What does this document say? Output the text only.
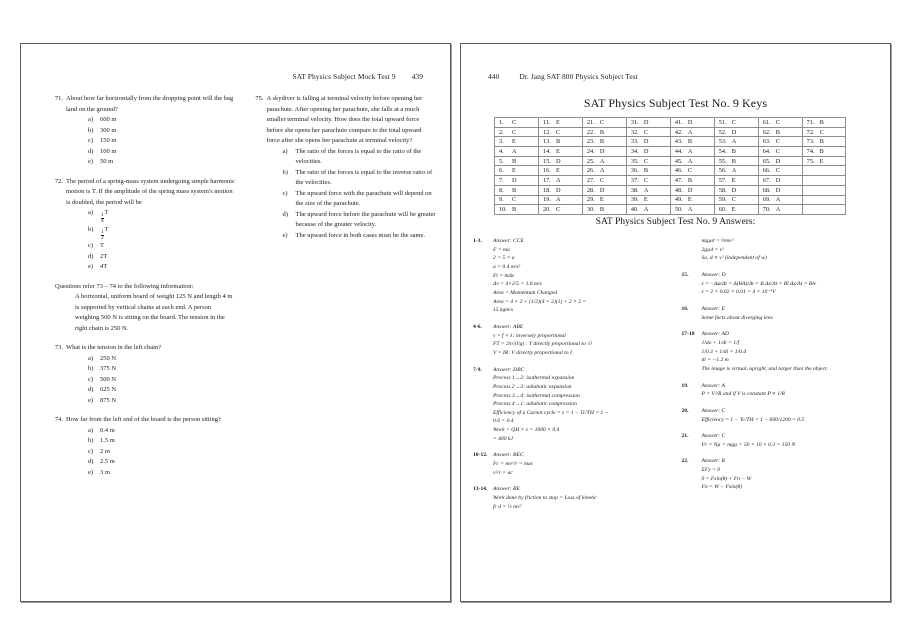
SAT Physics Subject Mock Test 9 439
71. About how far horizontally from the dropping point will the bag land on the ground?

a)	600 m
b)	300 m
c)	150 m
d)	100 m
e)	50 m
72. The period of a spring-mass system undergoing simple harmonic motion is T. If the amplitude of the spring mass system's motion is doubled, the period will be

a)
$\frac{1}{4}$
T
b)
$\frac{1}{2}$
T
c)	T
d)	2T
e)	4T

Questions refer 73 – 74 to the following information:
A horizontal, uniform board of weight 125 N and length 4 m is supported by vertical chains at each end. A person weighing 500 N is sitting on the board. The tension in the right chain is 250 N.

73. What is the tension in the left chain?

a)	250 N
b)	375 N
c)	500 N
d)	625 N
e)	875 N
74. How far from the left end of the board is the person sitting?

a)	0.4 m
b)	1.5 m
c)	2 m
d)	2.5 m
e)	3 m
75. A skydiver is falling at terminal velocity before opening her parachute. After opening her parachute, she falls at a much smaller terminal velocity. How does the total upward force before she opens her parachute compare to the total upward force after she opens her parachute at terminal velocity?

a)	The ratio of the forces is equal to the ratio of the velocities.
b)	The ratio of the forces is equal to the inverse ratio of the velocities.
c)	The upward force with the parachute will depend on the size of the parachute.
d)	The upward force before the parachute will be greater because of the greater velocity.
e)	The upward force in both cases must be the same.
440	Dr. Jang SAT 800 Physics Subject Test
SAT Physics Subject Test No. 9 Keys
1. C	11. E	21. C	31. D	41. D	51. C	61. C	71. B
2. C	12. C	22. B	32. C	42. A	52. D	62. B	72. C
3. E	13. B	23. B	33. D	43. B	53. A	63. C	73. B
4. A	14. E	24. D	34. D	44. A	54. B	64. C	74. B
5. B	15. D	25. A	35. C	45. A	55. B	65. D	75. E
6. E	16. E	26. A	36. B	46. C	56. A	66. C	
7. D	17. A	27. C	37. C	47. B	57. E	67. D	
8. B	18. D	28. D	38. A	48. D	58. D	68. D	
9. C	19. A	29. E	39. E	49. E	59. C	69. A	
10. B	20. C	30. B	40. A	50. A	60. E	70. A	
SAT Physics Subject Test No. 9 Answers:
1-3.	Answer: CCE
F = ma
2 = 5 × a
a = 0.4 m/s²
Ft = mΔv
Δv = 4×2/5 = 1.6 m/s
Area = Momentum Changed
Area = 4 × 2 + (1/2)(4 + 2)(1) + 2 × 2 =
15 kgm/s
4-6.	Answer: ABE
v = f × λ: inversely proportional
FT = 2π√(l/g) : T directly proportional to √l
V = IR: V directly proportional to I
7-9.	Answer: DBC
Process 1→2: isothermal expansion
Process 2→3: adiabatic expansion
Process 3→4: isothermal compression
Process 4→1: adiabatic compression
Efficiency of a Carnot cycle = ε = 1 − Tc/TH = 1 −
0.6 = 0.4
Work = QH × ε = 1000 × 0.4
= 400 kJ
10-12. Answer: BEC
Fc = mv²/r = mac
v²/r = ac
13-14. Answer: BE
Work done by friction to stop = Loss of kinetic
fr d = ½ mv²
mgµd = ½mv²
2gµd = v²
So, d ∝ v² (independent of w)
15.	Answer: D
ε = −Δφ/Δt = Δ(BA)/Δt = B Δx/Δt = Bl Δx/Δt = Blv
ε = 2 × 0.02 × 0.01 = 4 × 10⁻⁴V
16.	Answer: E
Some facts about diverging lens
17-18	Answer: AD
1/do + 1/di = 1/f
1/0.3 + 1/di = 1/0.4
di = −1.2 m
The image is virtual, upright, and larger than the object.
19.	Answer: A
P = V²/R and if V is constant P ∝ 1/R
20.	Answer: C
Efficiency = 1 − Tc/TH = 1 − 600/1200 = 0.5
21.	Answer: C
Fr = Nµ = mgµ = 50 × 10 × 0.3 = 150 N
22.	Answer: B
ΣFy = 0
0 = Fsin(θ) + Fn − W
Fn = W − Fsin(θ)
